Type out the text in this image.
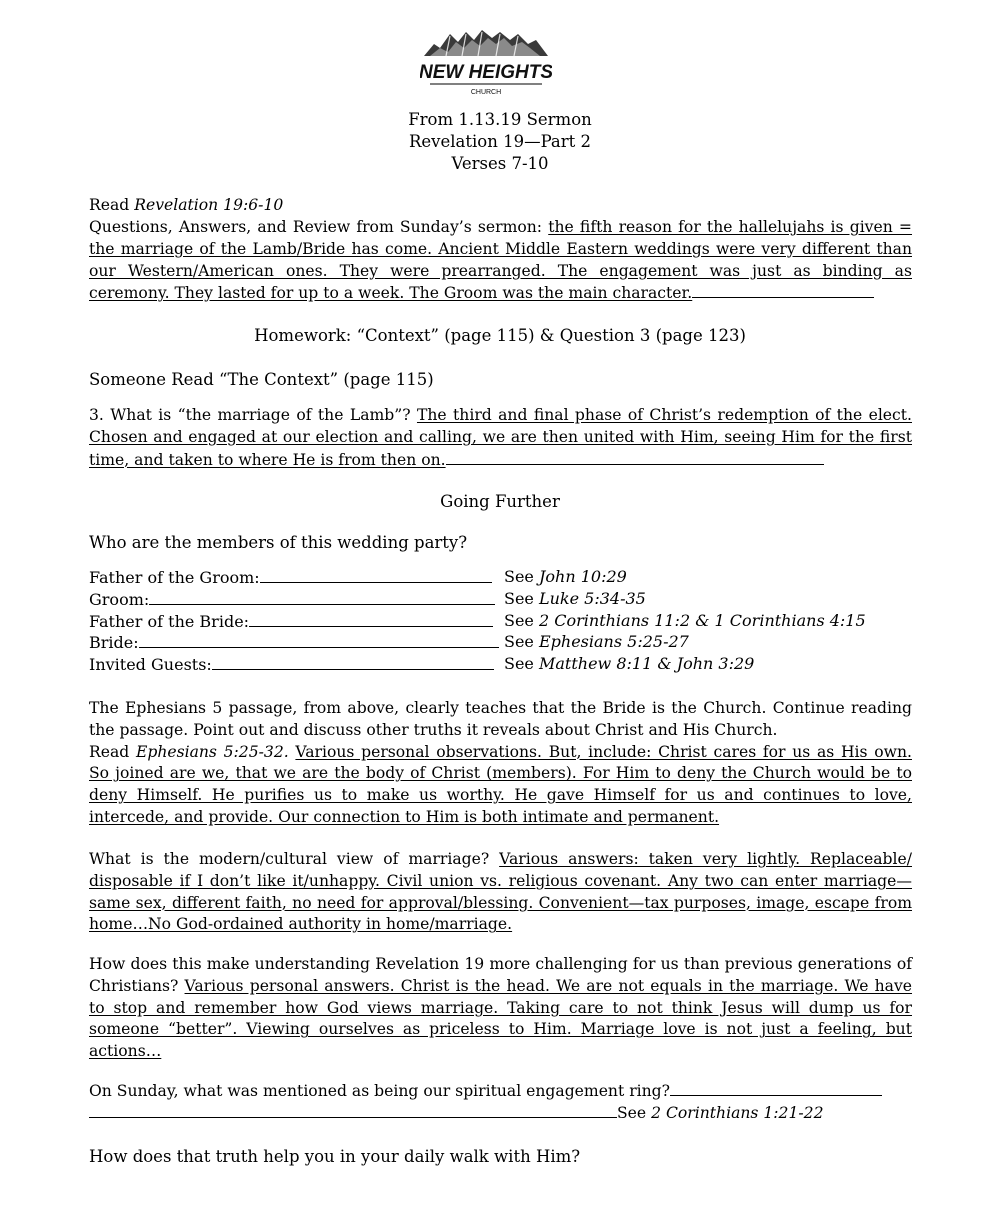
NEW HEIGHTS
CHURCH
From 1.13.19 Sermon
Revelation 19—Part 2
Verses 7-10
Read Revelation 19:6-10
Questions, Answers, and Review from Sunday’s sermon: the fifth reason for the hallelujahs is given = the marriage of the Lamb/Bride has come. Ancient Middle Eastern weddings were very different than our Western/American ones. They were prearranged. The engagement was just as binding as ceremony. They lasted for up to a week. The Groom was the main character.
Homework: “Context” (page 115) & Question 3 (page 123)
Someone Read “The Context” (page 115)
3. What is “the marriage of the Lamb”? The third and final phase of Christ’s redemption of the elect. Chosen and engaged at our election and calling, we are then united with Him, seeing Him for the first time, and taken to where He is from then on.
Going Further
Who are the members of this wedding party?
Father of the Groom:	See John 10:29
Groom:	See Luke 5:34-35
Father of the Bride:	See 2 Corinthians 11:2 & 1 Corinthians 4:15
Bride:	See Ephesians 5:25-27
Invited Guests:	See Matthew 8:11 & John 3:29
The Ephesians 5 passage, from above, clearly teaches that the Bride is the Church. Continue reading the passage. Point out and discuss other truths it reveals about Christ and His Church.
Read Ephesians 5:25-32. Various personal observations. But, include: Christ cares for us as His own. So joined are we, that we are the body of Christ (members). For Him to deny the Church would be to deny Himself. He purifies us to make us worthy. He gave Himself for us and continues to love, intercede, and provide. Our connection to Him is both intimate and permanent.
What is the modern/cultural view of marriage? Various answers: taken very lightly. Replaceable/ disposable if I don’t like it/unhappy. Civil union vs. religious covenant. Any two can enter marriage—same sex, different faith, no need for approval/blessing. Convenient—tax purposes, image, escape from home…No God-ordained authority in home/marriage.
How does this make understanding Revelation 19 more challenging for us than previous generations of Christians? Various personal answers. Christ is the head. We are not equals in the marriage. We have to stop and remember how God views marriage. Taking care to not think Jesus will dump us for someone “better”. Viewing ourselves as priceless to Him. Marriage love is not just a feeling, but actions…
On Sunday, what was mentioned as being our spiritual engagement ring?
See 2 Corinthians 1:21-22
How does that truth help you in your daily walk with Him?
